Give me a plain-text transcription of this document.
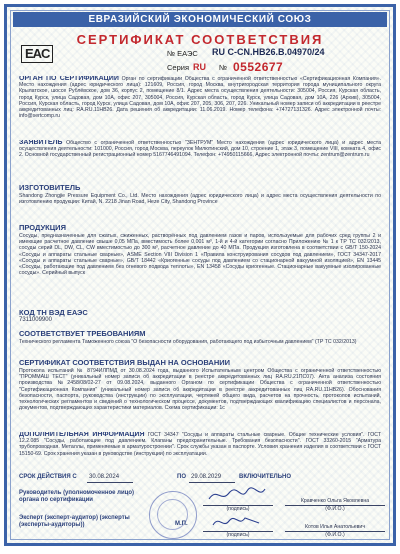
ЕВРАЗИЙСКИЙ ЭКОНОМИЧЕСКИЙ СОЮЗ
СЕРТИФИКАТ СООТВЕТСТВИЯ
EAC	№ ЕАЭС RU C-CN.HB26.B.04970/24
Серия RU № 0552677
ОРГАН ПО СЕРТИФИКАЦИИ Орган по сертификации Общества с ограниченной ответственностью «Сертификационная Компания». Место нахождения (адрес юридического лица): 121609, Россия, город Москва, внутригородская территория города муниципального округа Крылатское, шоссе Рублёвское, дом 36, корпус 2, помещение 8/1. Адрес места осуществления деятельности: 305004, Россия, Курская область, город Курск, улица Садовая, дом 10А, офис 207, 305004, Россия, Курская область, город Курск, улица Садовая, дом 10А, 226 (Архив), 305004, Россия, Курская область, город Курск, улица Садовая, дом 10А, офис 207, 205, 306, 207, 226. Уникальный номер записи об аккредитации в реестре аккредитованных лиц: RA.RU.11HB26. Дата решения об аккредитации: 11.06.2019. Номер телефона: +74727131326. Адрес электронной почты: info@sertcomp.ru
ЗАЯВИТЕЛЬ Общество с ограниченной ответственностью "ЗЕНТРУМ" Место нахождения (адрес юридического лица) и адрес места осуществления деятельности: 101000, Россия, город Москва, переулок Милютинский, дом 10, строение 1, этаж 3, помещение VIII, комната 4, офис 2. Основной государственный регистрационный номер 5167746491094. Телефон: +74950115666, Адрес электронной почты: zentrum@zentrum.ru
ИЗГОТОВИТЕЛЬ
Shandong Zhongjie Pressure Equipment Co., Ltd. Место нахождения (адрес юридического лица) и адрес места осуществления деятельности по изготовлению продукции: Китай, N. 2218 Jinan Road, Heze City, Shandong Province
ПРОДУКЦИЯ
Сосуды, предназначенные для сжатых, сжиженных, растворённых под давлением газов и паров, используемые для рабочих сред группы 2 и имеющие расчетное давление свыше 0,05 МПа, вместимость более 0,001 м³, 1-й и 4-й категории согласно Приложению № 1 к ТР ТС 032/2013, сосуды серий DL, DW, CL, CW вместимостью до 300 м³, расчетное давление до 40 МПа. Продукция изготовлена в соответствии с GB/T 150-2024 «Сосуды и аппараты стальные сварные», ASME Section VIII Division 1 «Правила конструирования сосудов под давлением», ГОСТ 34347-2017 «Сосуды и аппараты стальные сварные», GB/T 18442 «Криогенные сосуды под давлением со стационарной вакуумной изоляцией», EN 13445 «Сосуды, работающие под давлением без огневого подвода теплоты», EN 13458 «Сосуды криогенные. Стационарные вакуумные изолированные сосуды». Серийный выпуск
КОД ТН ВЭД ЕАЭС
7311009900
СООТВЕТСТВУЕТ ТРЕБОВАНИЯМ
Технического регламента Таможенного союза "О безопасности оборудования, работающего под избыточным давлением" (ТР ТС 032/2013)
СЕРТИФИКАТ СООТВЕТСТВИЯ ВЫДАН НА ОСНОВАНИИ
Протокола испытаний № 8794ИЛПМД от 30.08.2024 года, выданного Испытательным центром Общества с ограниченной ответственностью "ПРОММАШ ТЕСТ" (уникальный номер записи об аккредитации в реестре аккредитованных лиц RA.RU.21ПС07). Акта анализа состояния производства №2458/08/02-27 от 09.08.2024, выданного Органом по сертификации Общества с ограниченной ответственностью "Сертификационная Компания" (уникальный номер записи об аккредитации в реестре аккредитованных лиц RA.RU.11HB26). Обоснования безопасности, паспорта, руководства (инструкции) по эксплуатации, чертежей общего вида, расчетов на прочность, протоколов испытаний, технологических регламентов и сведений о технологическом процессе, документов, подтверждающих квалификацию специалистов и персонала, документов, подтверждающих характеристики материалов. Схема сертификации: 1с
ДОПОЛНИТЕЛЬНАЯ ИНФОРМАЦИЯ ГОСТ 34347 "Сосуды и аппараты стальные сварные. Общие технические условия". ГОСТ 12.2.085 "Сосуды, работающие под давлением. Клапаны предохранительные. Требования безопасности". ГОСТ 33260-2015 "Арматура трубопроводная. Металлы, применяемые в арматуростроении". Срок службы указан в паспорте. Условия хранения изделия в соответствии с ГОСТ 15150-69. Срок хранения указан в руководстве (инструкции) по эксплуатации.
СРОК ДЕЙСТВИЯ С 30.08.2024	ПО 29.08.2029	ВКЛЮЧИТЕЛЬНО
М.П.
Руководитель (уполномоченное лицо) органа по сертификации
(подпись)
Кравченко Ольга Яковлевна
(Ф.И.О.)
Эксперт (эксперт-аудитор) (эксперты (эксперты-аудиторы))
(подпись)
Котов Илья Анатольевич
(Ф.И.О.)
